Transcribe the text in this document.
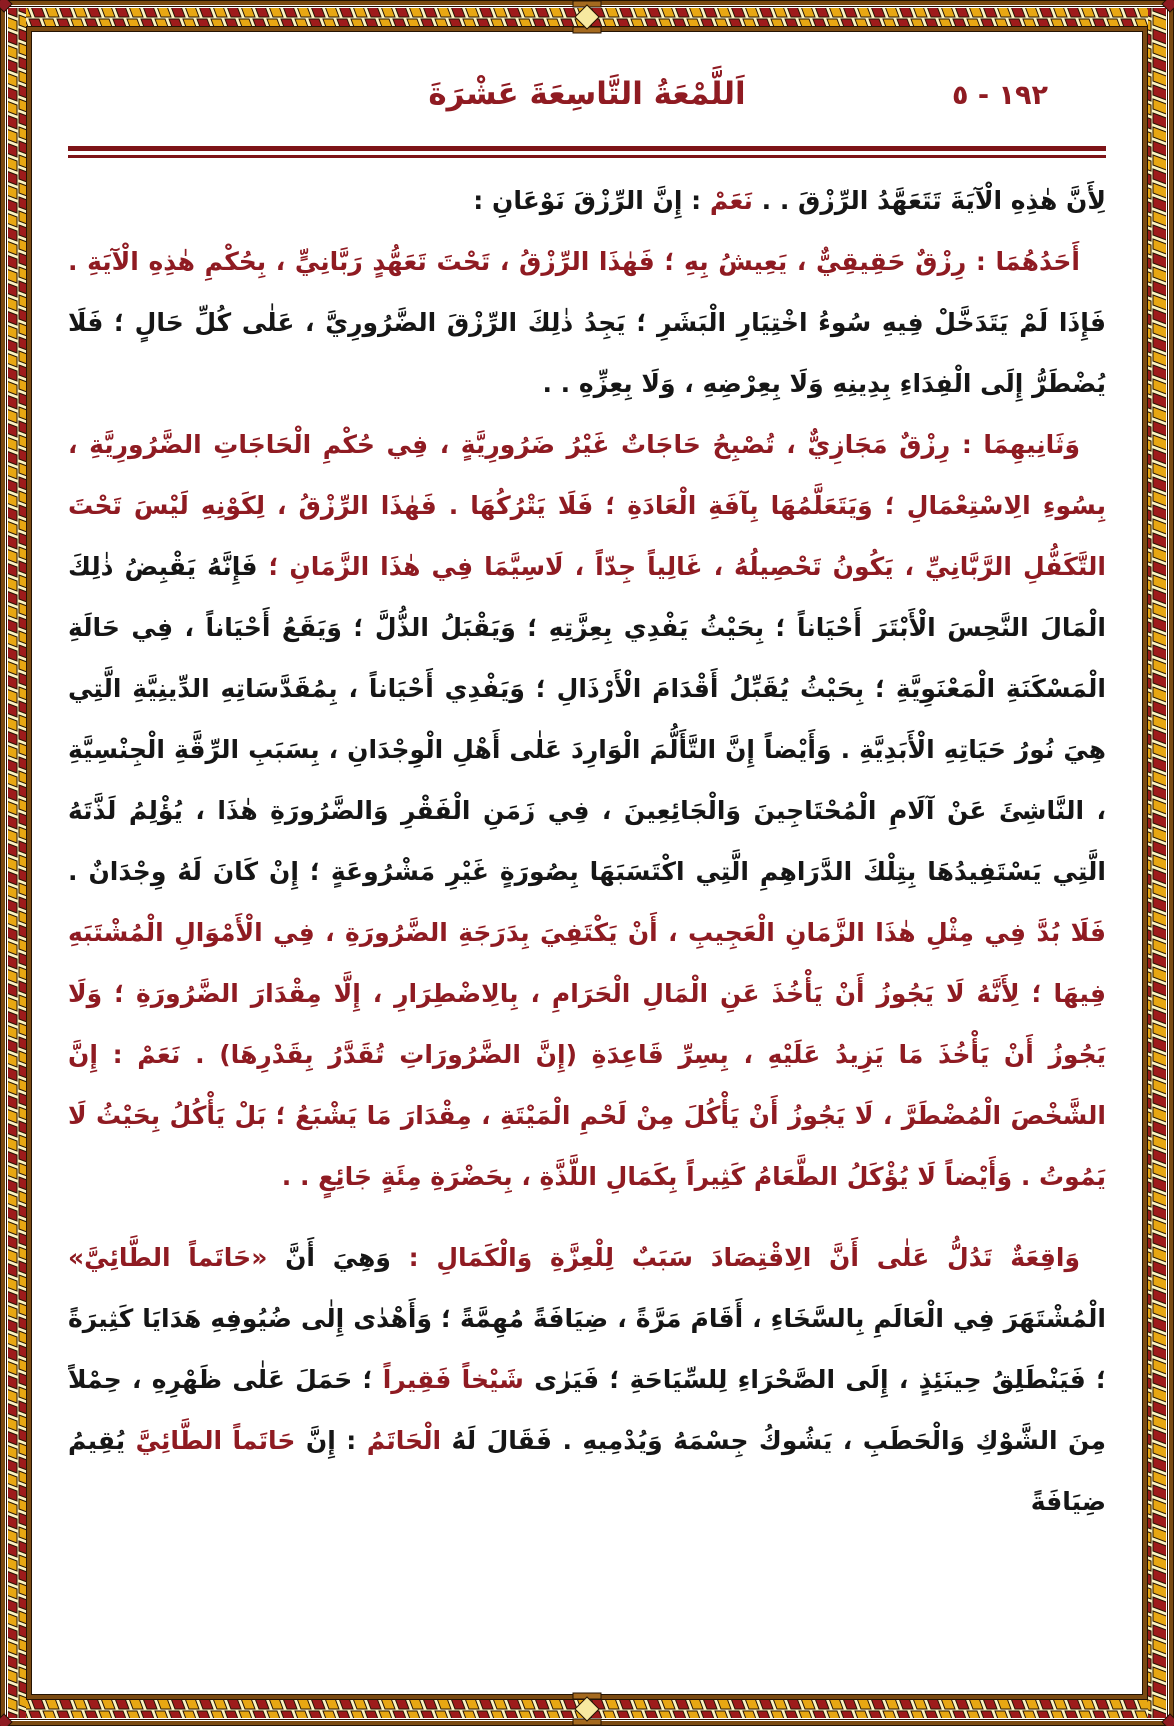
١٩٢ - ٥
اَللَّمْعَةُ التَّاسِعَةَ عَشْرَةَ

لِأَنَّ هٰذِهِ الْآيَةَ تَتَعَهَّدُ الرِّزْقَ . . نَعَمْ : إِنَّ الرِّزْقَ نَوْعَانِ :

أَحَدُهُمَا : رِزْقٌ حَقِيقِيٌّ ، يَعِيشُ بِهِ ؛ فَهٰذَا الرِّزْقُ ، تَحْتَ تَعَهُّدٍ رَبَّانِيٍّ ، بِحُكْمِ هٰذِهِ الْآيَةِ . فَإِذَا لَمْ يَتَدَخَّلْ فِيهِ سُوءُ اخْتِيَارِ الْبَشَرِ ؛ يَجِدُ ذٰلِكَ الرِّزْقَ الضَّرُورِيَّ ، عَلٰى كُلِّ حَالٍ ؛ فَلَا يُضْطَرُّ إِلَى الْفِدَاءِ بِدِينِهِ وَلَا بِعِرْضِهِ ، وَلَا بِعِزِّهِ . .

وَثَانِيهِمَا : رِزْقٌ مَجَازِيٌّ ، تُصْبِحُ حَاجَاتٌ غَيْرُ ضَرُورِيَّةٍ ، فِي حُكْمِ الْحَاجَاتِ الضَّرُورِيَّةِ ، بِسُوءِ الِاسْتِعْمَالِ ؛ وَيَتَعَلَّمُهَا بِآفَةِ الْعَادَةِ ؛ فَلَا يَتْرُكُهَا . فَهٰذَا الرِّزْقُ ، لِكَوْنِهِ لَيْسَ تَحْتَ التَّكَفُّلِ الرَّبَّانِيِّ ، يَكُونُ تَحْصِيلُهُ ، غَالِياً جِدّاً ، لَاسِيَّمَا فِي هٰذَا الزَّمَانِ ؛ فَإِنَّهُ يَقْبِضُ ذٰلِكَ الْمَالَ النَّحِسَ الْأَبْتَرَ أَحْيَاناً ؛ بِحَيْثُ يَفْدِي بِعِزَّتِهِ ؛ وَيَقْبَلُ الذُّلَّ ؛ وَيَقَعُ أَحْيَاناً ، فِي حَالَةِ الْمَسْكَنَةِ الْمَعْنَوِيَّةِ ؛ بِحَيْثُ يُقَبِّلُ أَقْدَامَ الْأَرْذَالِ ؛ وَيَفْدِي أَحْيَاناً ، بِمُقَدَّسَاتِهِ الدِّينِيَّةِ الَّتِي هِيَ نُورُ حَيَاتِهِ الْأَبَدِيَّةِ . وَأَيْضاً إِنَّ التَّأَلُّمَ الْوَارِدَ عَلٰى أَهْلِ الْوِجْدَانِ ، بِسَبَبِ الرِّقَّةِ الْجِنْسِيَّةِ ، النَّاشِئَ عَنْ آلَامِ الْمُحْتَاجِينَ وَالْجَائِعِينَ ، فِي زَمَنِ الْفَقْرِ وَالضَّرُورَةِ هٰذَا ، يُؤْلِمُ لَذَّتَهُ الَّتِي يَسْتَفِيدُهَا بِتِلْكَ الدَّرَاهِمِ الَّتِي اكْتَسَبَهَا بِصُورَةٍ غَيْرِ مَشْرُوعَةٍ ؛ إِنْ كَانَ لَهُ وِجْدَانٌ . فَلَا بُدَّ فِي مِثْلِ هٰذَا الزَّمَانِ الْعَجِيبِ ، أَنْ يَكْتَفِيَ بِدَرَجَةِ الضَّرُورَةِ ، فِي الْأَمْوَالِ الْمُشْتَبَهِ فِيهَا ؛ لِأَنَّهُ لَا يَجُوزُ أَنْ يَأْخُذَ عَنِ الْمَالِ الْحَرَامِ ، بِالِاضْطِرَارِ ، إِلَّا مِقْدَارَ الضَّرُورَةِ ؛ وَلَا يَجُوزُ أَنْ يَأْخُذَ مَا يَزِيدُ عَلَيْهِ ، بِسِرِّ قَاعِدَةِ (إِنَّ الضَّرُورَاتِ تُقَدَّرُ بِقَدْرِهَا) . نَعَمْ : إِنَّ الشَّخْصَ الْمُضْطَرَّ ، لَا يَجُوزُ أَنْ يَأْكُلَ مِنْ لَحْمِ الْمَيْتَةِ ، مِقْدَارَ مَا يَشْبَعُ ؛ بَلْ يَأْكُلُ بِحَيْثُ لَا يَمُوتُ . وَأَيْضاً لَا يُؤْكَلُ الطَّعَامُ كَثِيراً بِكَمَالِ اللَّذَّةِ ، بِحَضْرَةِ مِئَةٍ جَائِعٍ . .

وَاقِعَةٌ تَدُلُّ عَلٰى أَنَّ الِاقْتِصَادَ سَبَبٌ لِلْعِزَّةِ وَالْكَمَالِ : وَهِيَ أَنَّ «حَاتَماً الطَّائِيَّ» الْمُشْتَهَرَ فِي الْعَالَمِ بِالسَّخَاءِ ، أَقَامَ مَرَّةً ، ضِيَافَةً مُهِمَّةً ؛ وَأَهْدٰى إِلٰى ضُيُوفِهِ هَدَايَا كَثِيرَةً ؛ فَيَنْطَلِقُ حِينَئِذٍ ، إِلَى الصَّحْرَاءِ لِلسِّيَاحَةِ ؛ فَيَرٰى شَيْخاً فَقِيراً ؛ حَمَلَ عَلٰى ظَهْرِهِ ، حِمْلاً مِنَ الشَّوْكِ وَالْحَطَبِ ، يَشُوكُ جِسْمَهُ وَيُدْمِيهِ . فَقَالَ لَهُ الْحَاتَمُ : إِنَّ حَاتَماً الطَّائِيَّ يُقِيمُ ضِيَافَةً
